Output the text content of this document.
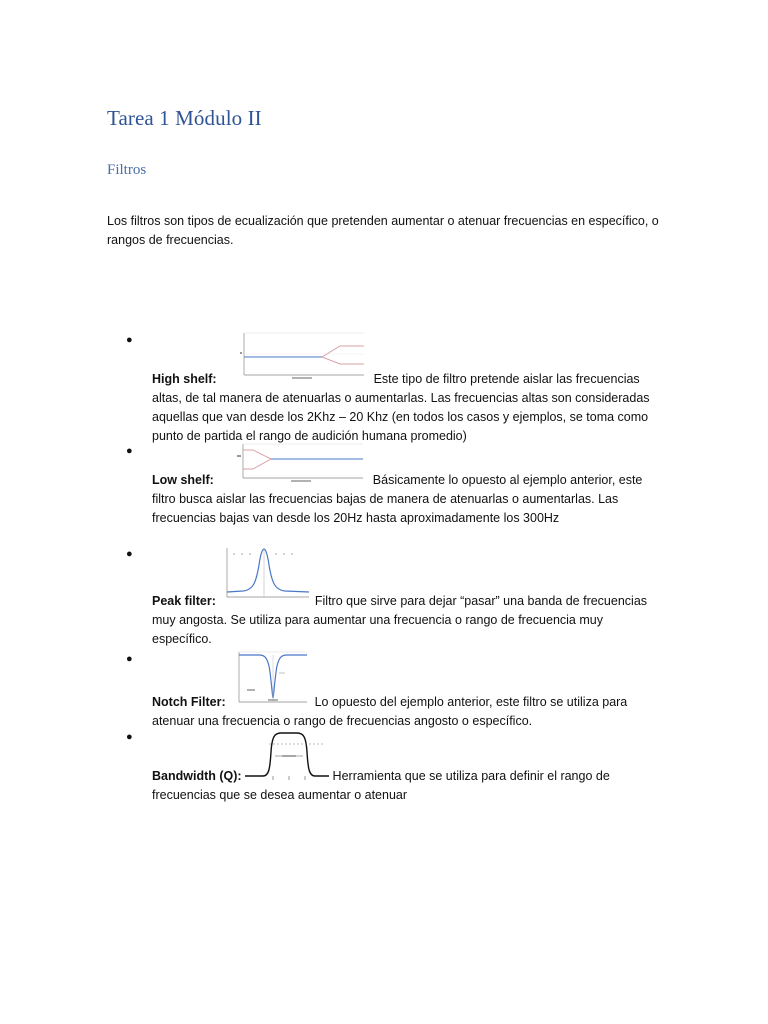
Tarea 1 Módulo II
Filtros

Los filtros son tipos de ecualización que pretenden aumentar o atenuar frecuencias en específico, o rangos de frecuencias.

●
High shelf:	Este tipo de filtro pretende aislar las frecuencias altas, de tal manera de atenuarlas o aumentarlas. Las frecuencias altas son consideradas aquellas que van desde los 2Khz – 20 Khz (en todos los casos y ejemplos, se toma como punto de partida el rango de audición humana promedio)
●
Low shelf:	Básicamente lo opuesto al ejemplo anterior, este filtro busca aislar las frecuencias bajas de manera de atenuarlas o aumentarlas. Las frecuencias bajas van desde los 20Hz hasta aproximadamente los 300Hz
●
Peak filter:	Filtro que sirve para dejar “pasar” una banda de frecuencias muy angosta. Se utiliza para aumentar una frecuencia o rango de frecuencia muy específico.
●
Notch Filter:	Lo opuesto del ejemplo anterior, este filtro se utiliza para atenuar una frecuencia o rango de frecuencias angosto o específico.
●
Bandwidth (Q):	Herramienta que se utiliza para definir el rango de frecuencias que se desea aumentar o atenuar
